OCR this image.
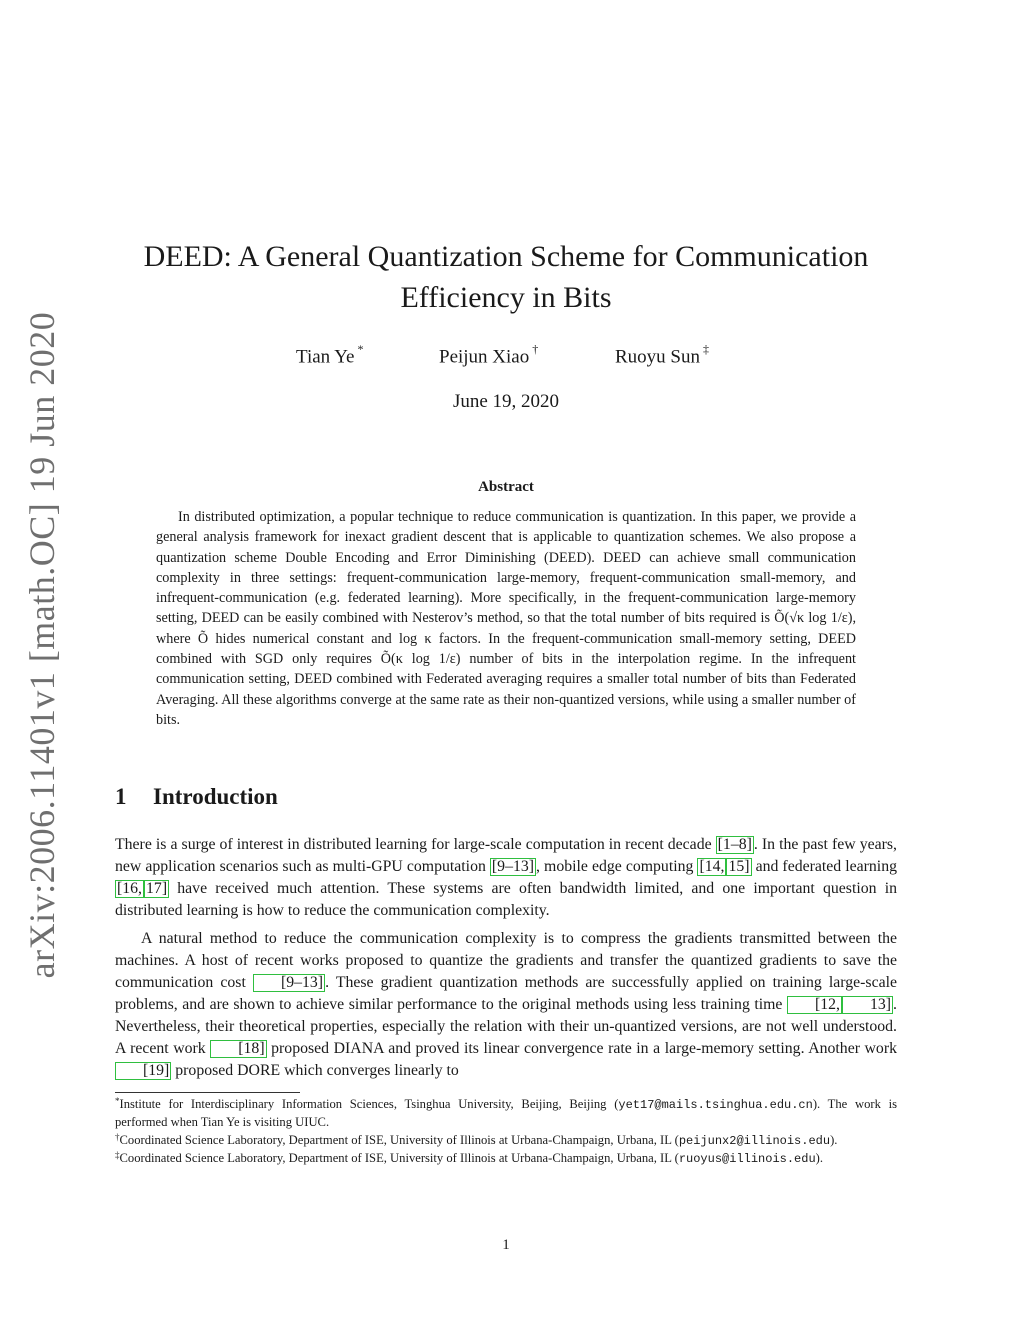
arXiv:2006.11401v1 [math.OC] 19 Jun 2020
DEED: A General Quantization Scheme for Communication
Efficiency in Bits
Tian Ye *	Peijun Xiao †	Ruoyu Sun ‡
June 19, 2020
Abstract

In distributed optimization, a popular technique to reduce communication is quantization. In this paper, we provide a general analysis framework for inexact gradient descent that is applicable to quantization schemes. We also propose a quantization scheme Double Encoding and Error Diminishing (DEED). DEED can achieve small communication complexity in three settings: frequent-communication large-memory, frequent-communication small-memory, and infrequent-communication (e.g. federated learning). More specifically, in the frequent-communication large-memory setting, DEED can be easily combined with Nesterov’s method, so that the total number of bits required is Õ(√κ log 1/ε), where Õ hides numerical constant and log κ factors. In the frequent-communication small-memory setting, DEED combined with SGD only requires Õ(κ log 1/ε) number of bits in the interpolation regime. In the infrequent communication setting, DEED combined with Federated averaging requires a smaller total number of bits than Federated Averaging. All these algorithms converge at the same rate as their non-quantized versions, while using a smaller number of bits.

1 Introduction

There is a surge of interest in distributed learning for large-scale computation in recent decade [1–8] . In the past few years, new application scenarios such as multi-GPU computation [9–13] , mobile edge computing [14, 15] and federated learning [16, 17] have received much attention. These systems are often bandwidth limited, and one important question in distributed learning is how to reduce the communication complexity.

A natural method to reduce the communication complexity is to compress the gradients transmitted between the machines. A host of recent works proposed to quantize the gradients and transfer the quantized gradients to save the communication cost [9–13] . These gradient quantization methods are successfully applied on training large-scale problems, and are shown to achieve similar performance to the original methods using less training time [12, 13] . Nevertheless, their theoretical properties, especially the relation with their un-quantized versions, are not well understood. A recent work [18] proposed DIANA and proved its linear convergence rate in a large-memory setting. Another work [19] proposed DORE which converges linearly to

*Institute for Interdisciplinary Information Sciences, Tsinghua University, Beijing, Beijing (yet17@mails.tsinghua.edu.cn). The work is performed when Tian Ye is visiting UIUC.

†Coordinated Science Laboratory, Department of ISE, University of Illinois at Urbana-Champaign, Urbana, IL (peijunx2@illinois.edu).

‡Coordinated Science Laboratory, Department of ISE, University of Illinois at Urbana-Champaign, Urbana, IL (ruoyus@illinois.edu).

1
